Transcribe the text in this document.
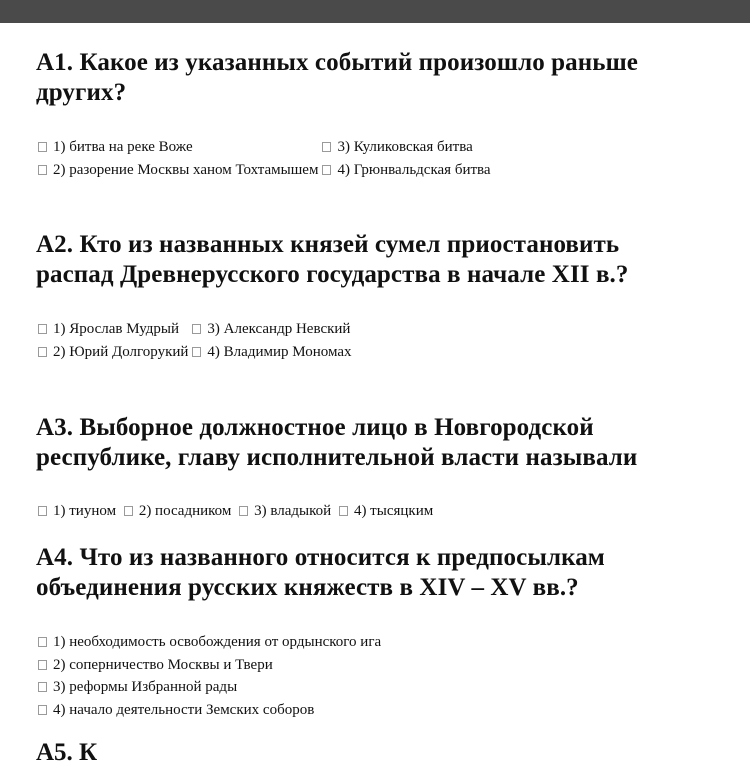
А1. Какое из указанных событий произошло раньше
других?
1) битва на реке Воже	3) Куликовская битва
2) разорение Москвы ханом Тохтамышем	4) Грюнвальдская битва
А2. Кто из названных князей сумел приостановить
распад Древнерусского государства в начале XII в.?
1) Ярослав Мудрый	3) Александр Невский
2) Юрий Долгорукий	4) Владимир Мономах
А3. Выборное должностное лицо в Новгородской
республике, главу исполнительной власти называли
1) тиуном 2) посадником 3) владыкой 4) тысяцким
А4. Что из названного относится к предпосылкам
объединения русских княжеств в XIV – XV вв.?
1) необходимость освобождения от ордынского ига
2) соперничество Москвы и Твери
3) реформы Избранной рады
4) начало деятельности Земских соборов
А5. К
